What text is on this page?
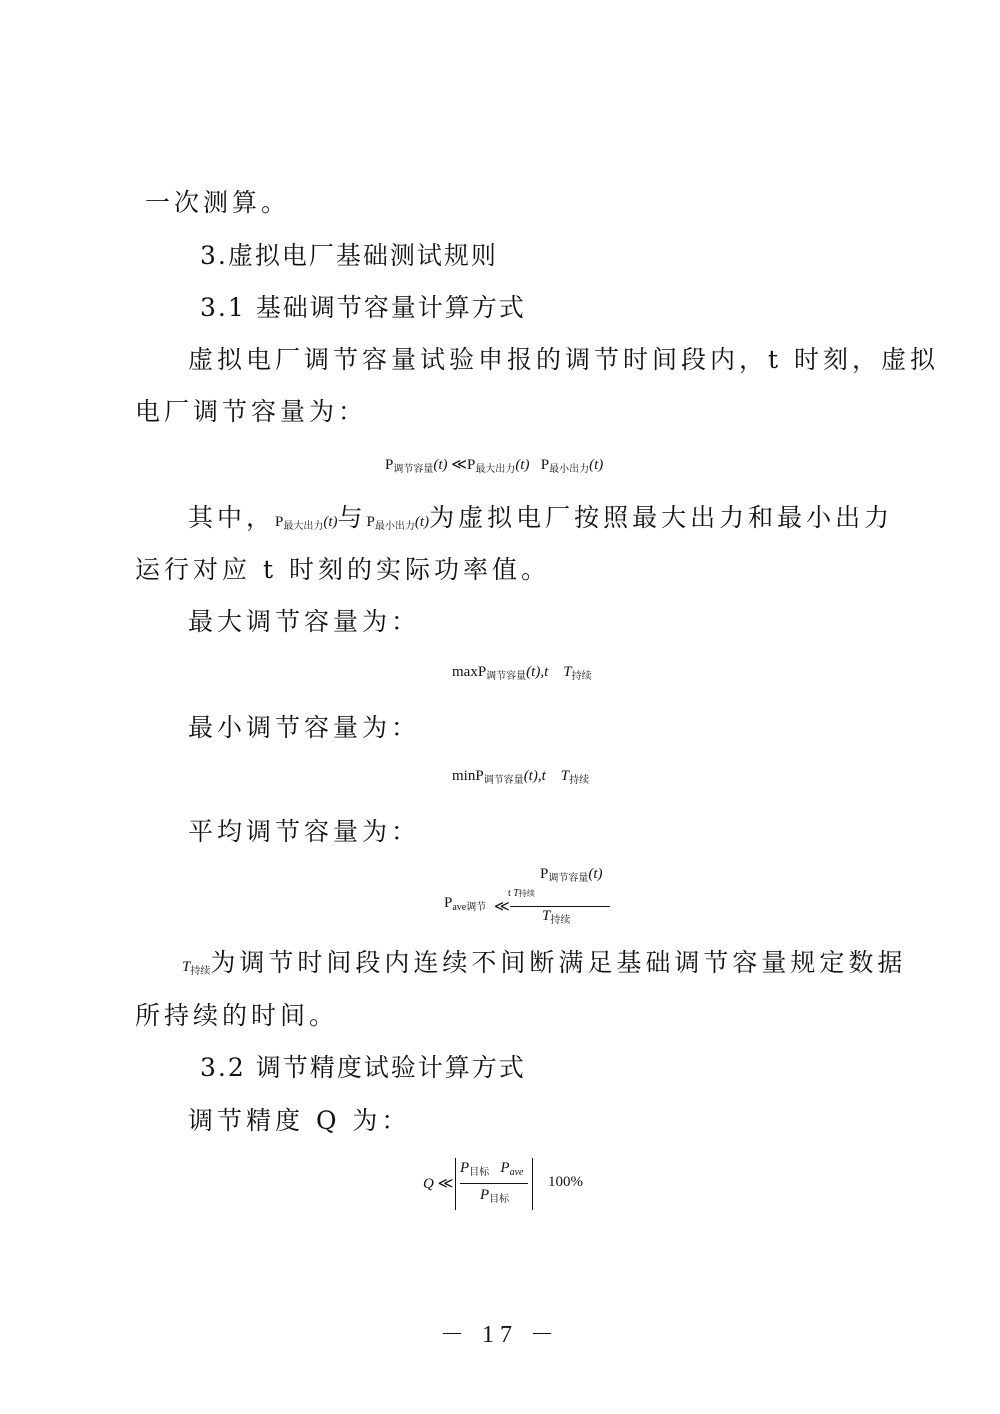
一次测算。
3.虚拟电厂基础测试规则
3.1 基础调节容量计算方式
虚拟电厂调节容量试验申报的调节时间段内，t 时刻，虚拟
电厂调节容量为：
$P_{调节容量}(t)$ $≪P_{最大出力}(t)$ $P_{最小出力}(t)$
其中，$P_{最大出力}(t)$与$P_{最小出力}(t)$为虚拟电厂按照最大出力和最小出力
运行对应 t 时刻的实际功率值。
最大调节容量为：
maxP$_{调节容量}$(t),t $T_{持续}$
最小调节容量为：
minP$_{调节容量}$(t),t $T_{持续}$
平均调节容量为：
$P_{调节容量}(t)$
$P_{ave调节}$ ≪
t T持续
$T_{持续}$
$T_{持续}$为调节时间段内连续不间断满足基础调节容量规定数据
所持续的时间。
3.2 调节精度试验计算方式
调节精度 Q 为：
Q ≪
$P_{目标}$ $P_{ave}$
$P_{目标}$
100%
－ 17 －
